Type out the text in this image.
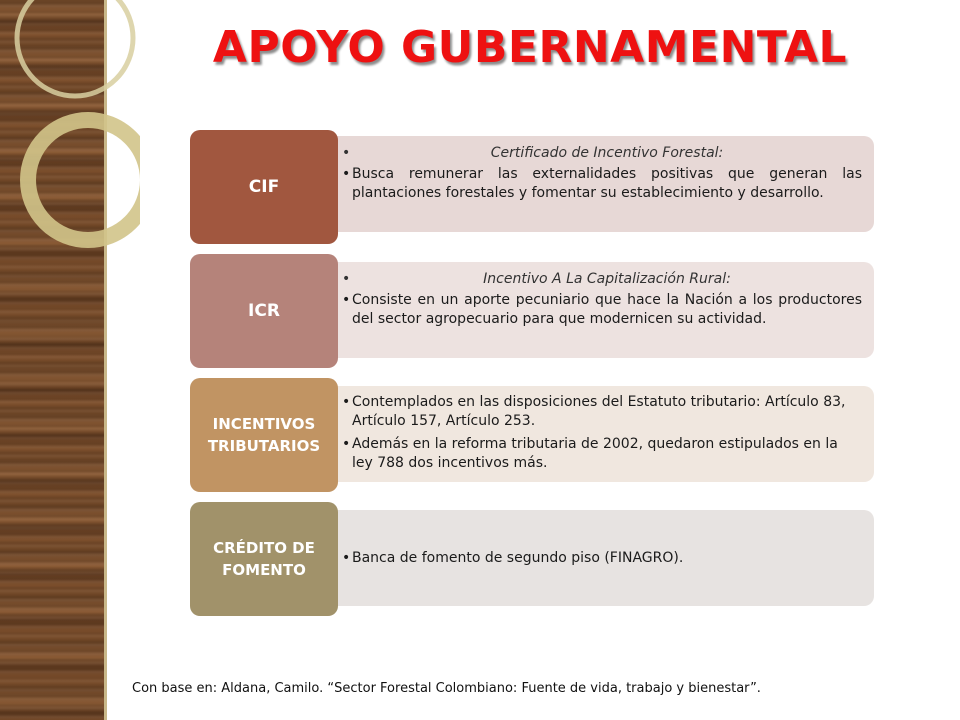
APOYO GUBERNAMENTAL
• Certificado de Incentivo Forestal:
• Busca remunerar las externalidades positivas que generan las plantaciones forestales y fomentar su establecimiento y desarrollo.
CIF
• Incentivo A La Capitalización Rural:
• Consiste en un aporte pecuniario que hace la Nación a los productores del sector agropecuario para que modernicen su actividad.
ICR
• Contemplados en las disposiciones del Estatuto tributario: Artículo 83, Artículo 157, Artículo 253.
• Además en la reforma tributaria de 2002, quedaron estipulados en la ley 788 dos incentivos más.
INCENTIVOS TRIBUTARIOS
• Banca de fomento de segundo piso (FINAGRO).
CRÉDITO DE FOMENTO
Con base en: Aldana, Camilo. “Sector Forestal Colombiano: Fuente de vida, trabajo y bienestar”.
